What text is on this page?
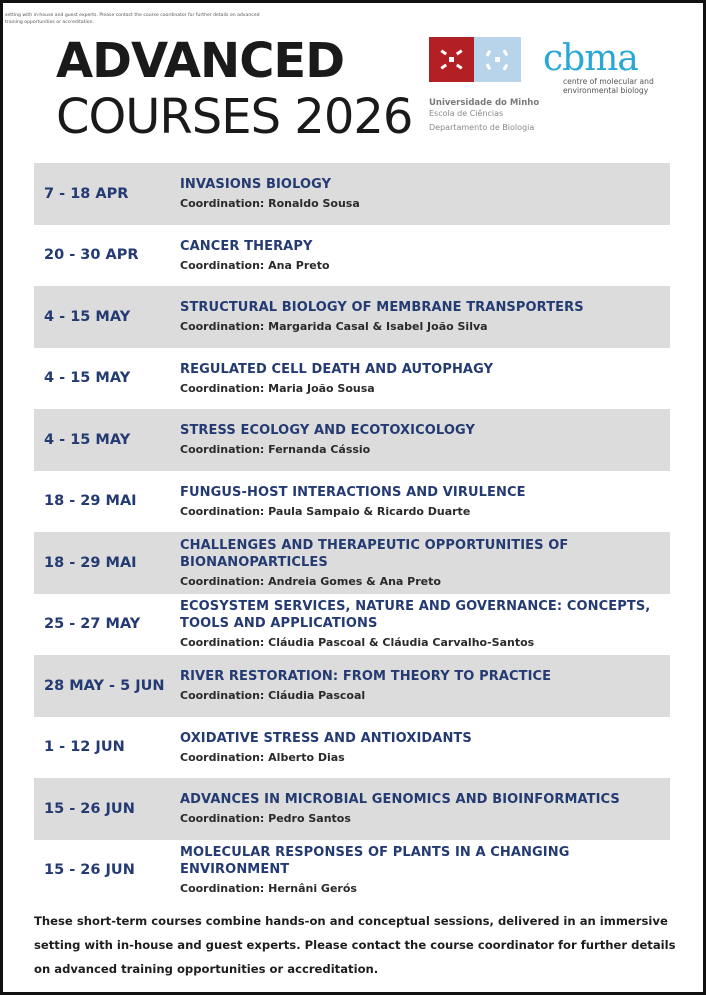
setting with in-house and guest experts. Please contact the course coordinator for further details on advanced training opportunities or accreditation.
ADVANCED
COURSES 2026 Universidade do Minho
Escola de Ciências
Departamento de Biologia
cbma
centre of molecular and
environmental biology
7 - 18 APR
INVASIONS BIOLOGY
Coordination: Ronaldo Sousa
20 - 30 APR
CANCER THERAPY
Coordination: Ana Preto
4 - 15 MAY
STRUCTURAL BIOLOGY OF MEMBRANE TRANSPORTERS
Coordination: Margarida Casal & Isabel João Silva
4 - 15 MAY
REGULATED CELL DEATH AND AUTOPHAGY
Coordination: Maria João Sousa
4 - 15 MAY
STRESS ECOLOGY AND ECOTOXICOLOGY
Coordination: Fernanda Cássio
18 - 29 MAI
FUNGUS-HOST INTERACTIONS AND VIRULENCE
Coordination: Paula Sampaio & Ricardo Duarte
18 - 29 MAI
CHALLENGES AND THERAPEUTIC OPPORTUNITIES OF BIONANOPARTICLES
Coordination: Andreia Gomes & Ana Preto
25 - 27 MAY
ECOSYSTEM SERVICES, NATURE AND GOVERNANCE: CONCEPTS, TOOLS AND APPLICATIONS
Coordination: Cláudia Pascoal & Cláudia Carvalho-Santos
28 MAY - 5 JUN
RIVER RESTORATION: FROM THEORY TO PRACTICE
Coordination: Cláudia Pascoal
1 - 12 JUN
OXIDATIVE STRESS AND ANTIOXIDANTS
Coordination: Alberto Dias
15 - 26 JUN
ADVANCES IN MICROBIAL GENOMICS AND BIOINFORMATICS
Coordination: Pedro Santos
15 - 26 JUN
MOLECULAR RESPONSES OF PLANTS IN A CHANGING ENVIRONMENT
Coordination: Hernâni Gerós
These short-term courses combine hands-on and conceptual sessions, delivered in an immersive setting with in-house and guest experts. Please contact the course coordinator for further details on advanced training opportunities or accreditation.
